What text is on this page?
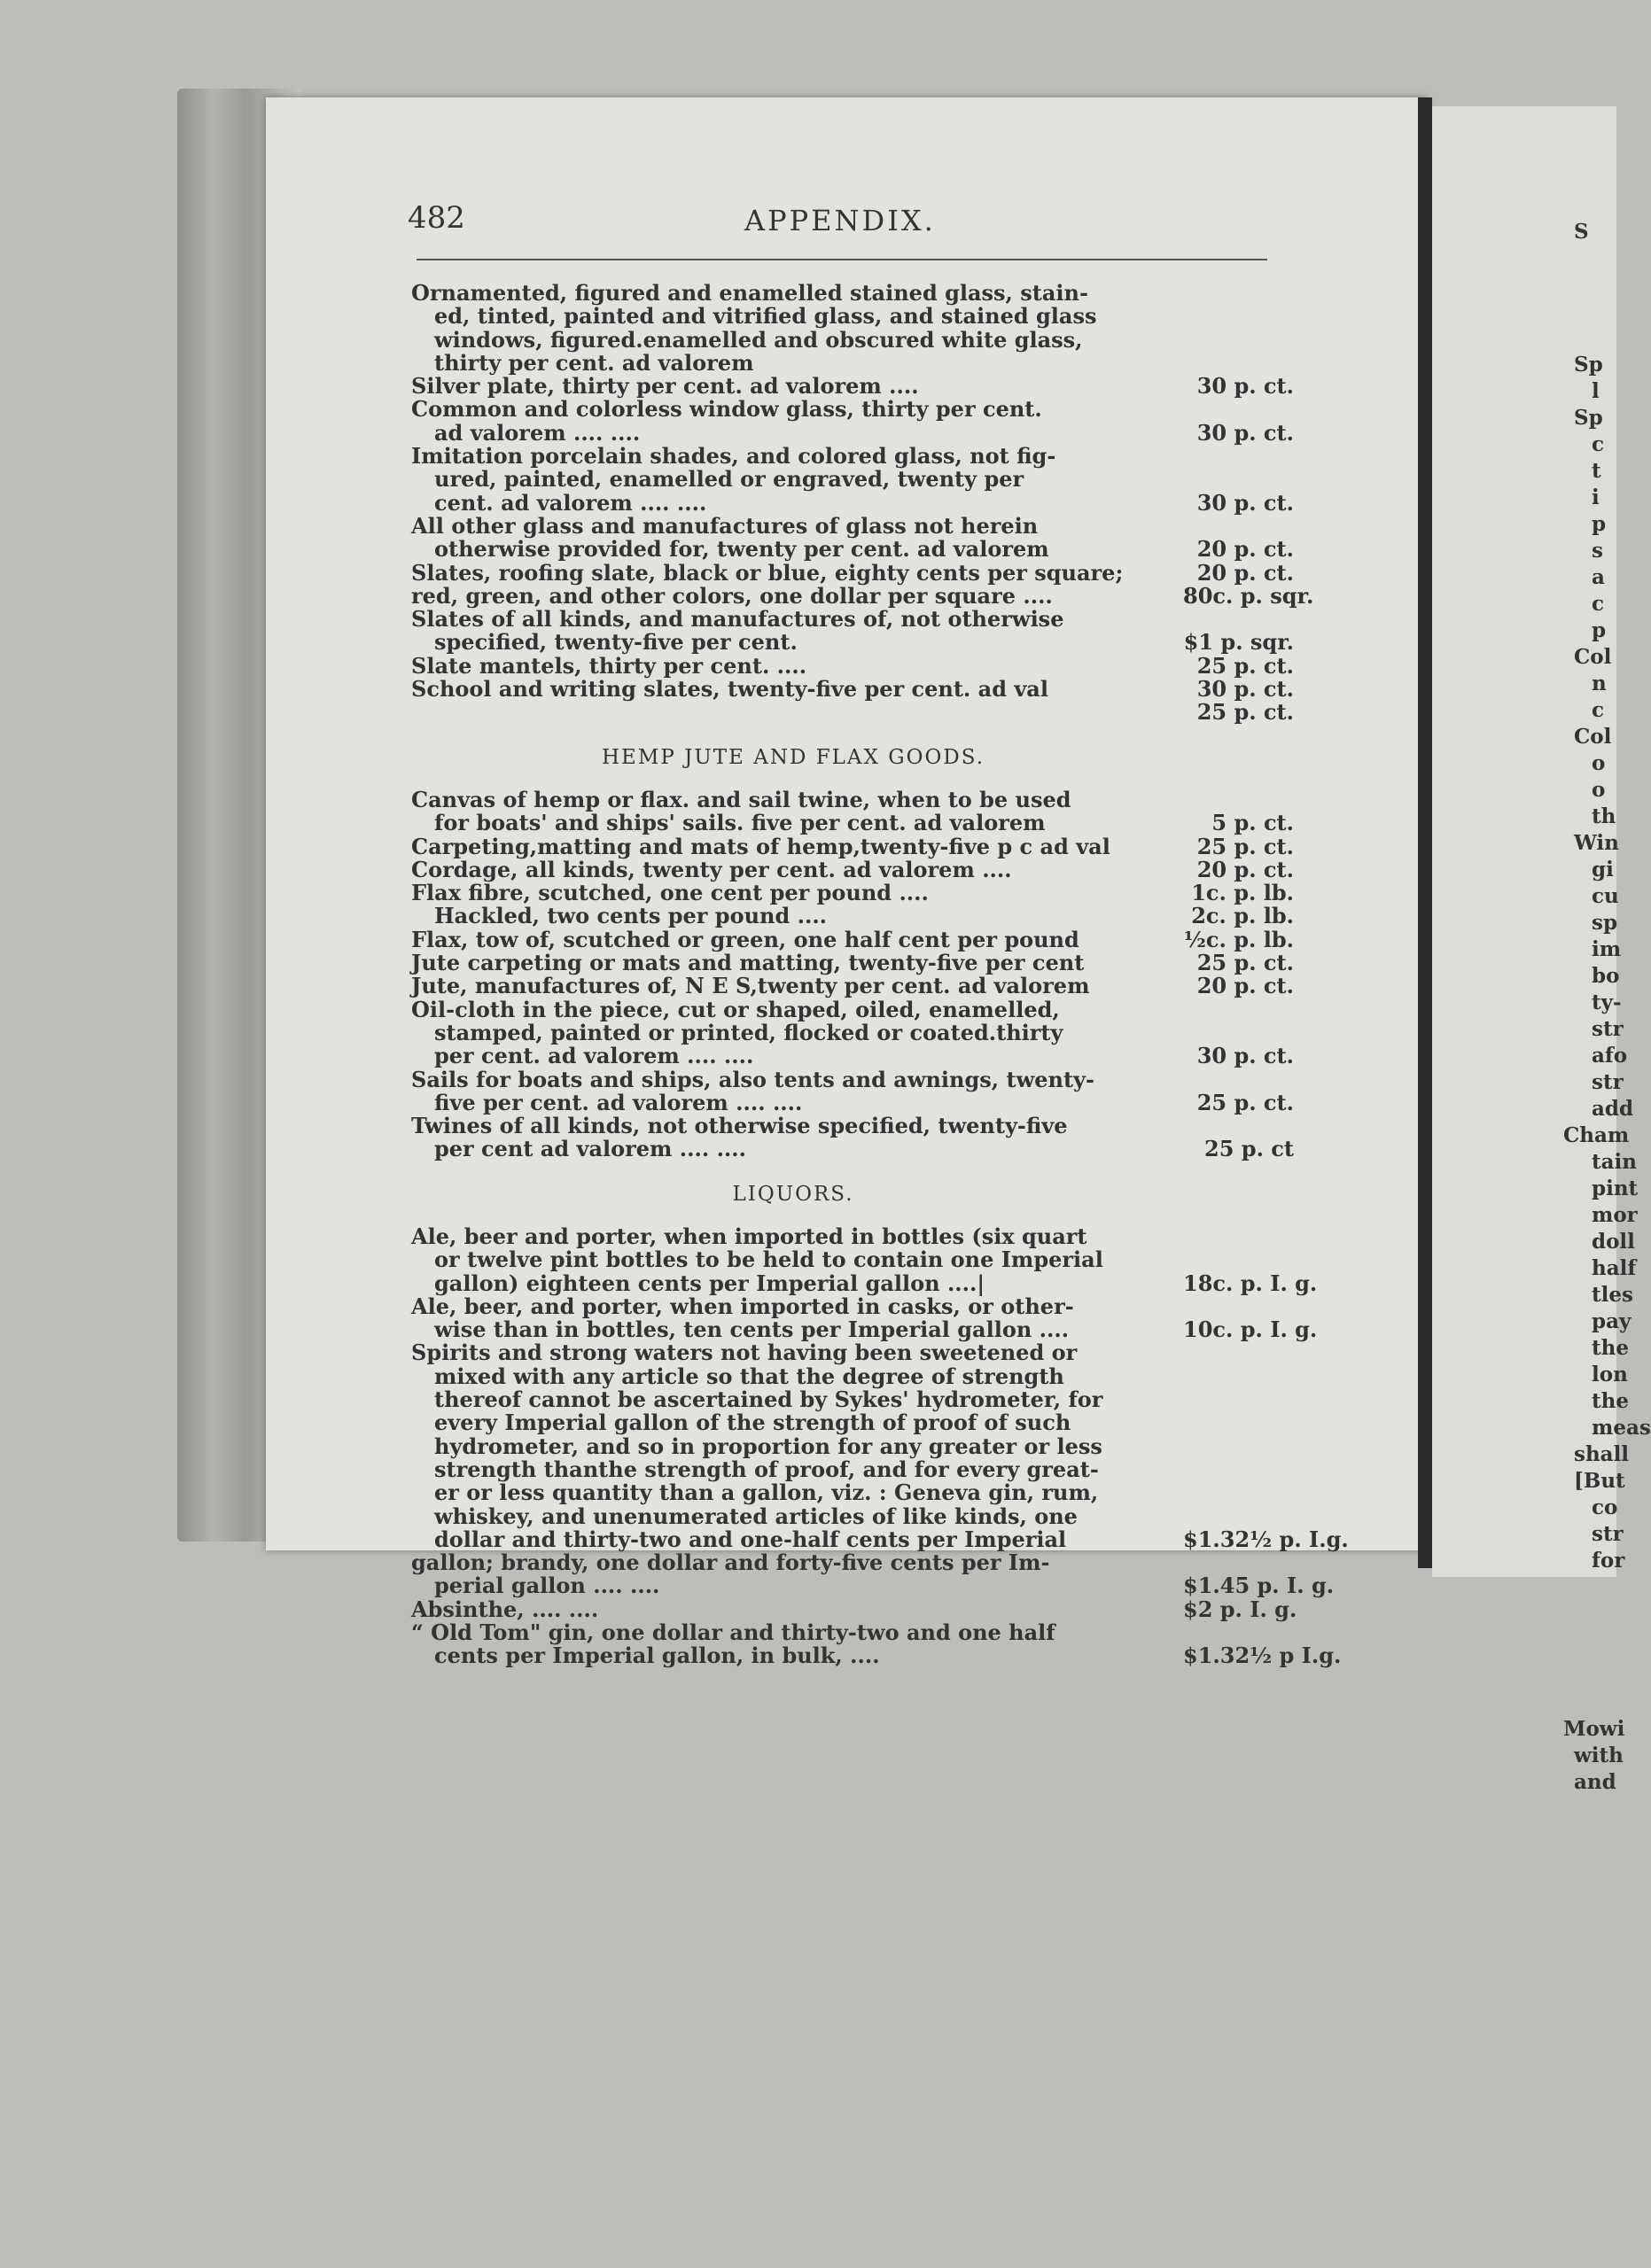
S
Sp
l
Sp
c
t
i
p
s
a
c
p
Col
n
c
Col
o
o
th
Win
gi
cu
sp
im
bo
ty-
str
afo
str
add
Cham
tain
pint
mor
doll
half
tles
pay
the
lon
the
meas
shall
[But
co
str
for
Mowi
with
and
482	APPENDIX.
Ornamented, figured and enamelled stained glass, stain-
ed, tinted, painted and vitrified glass, and stained glass
windows, figured.enamelled and obscured white glass,
thirty per cent. ad valorem
Silver plate, thirty per cent. ad valorem ....	30 p. ct.
Common and colorless window glass, thirty per cent.
ad valorem .... ....	30 p. ct.
Imitation porcelain shades, and colored glass, not fig-
ured, painted, enamelled or engraved, twenty per
cent. ad valorem .... ....	30 p. ct.
All other glass and manufactures of glass not herein
otherwise provided for, twenty per cent. ad valorem	20 p. ct.
Slates, roofing slate, black or blue, eighty cents per square;	20 p. ct.
red, green, and other colors, one dollar per square ....	80c. p. sqr.
Slates of all kinds, and manufactures of, not otherwise
specified, twenty-five per cent.	$1 p. sqr.
Slate mantels, thirty per cent. ....	25 p. ct.
School and writing slates, twenty-five per cent. ad val	30 p. ct.

25 p. ct.
HEMP JUTE AND FLAX GOODS.
Canvas of hemp or flax. and sail twine, when to be used
for boats' and ships' sails. five per cent. ad valorem	5 p. ct.
Carpeting,matting and mats of hemp,twenty-five p c ad val	25 p. ct.
Cordage, all kinds, twenty per cent. ad valorem ....	20 p. ct.
Flax fibre, scutched, one cent per pound ....	1c. p. lb.
Hackled, two cents per pound ....	2c. p. lb.
Flax, tow of, scutched or green, one half cent per pound	½c. p. lb.
Jute carpeting or mats and matting, twenty-five per cent	25 p. ct.
Jute, manufactures of, N E S,twenty per cent. ad valorem	20 p. ct.
Oil-cloth in the piece, cut or shaped, oiled, enamelled,
stamped, painted or printed, flocked or coated.thirty
per cent. ad valorem .... ....	30 p. ct.
Sails for boats and ships, also tents and awnings, twenty-
five per cent. ad valorem .... ....	25 p. ct.
Twines of all kinds, not otherwise specified, twenty-five
per cent ad valorem .... ....	25 p. ct
LIQUORS.
Ale, beer and porter, when imported in bottles (six quart
or twelve pint bottles to be held to contain one Imperial
gallon) eighteen cents per Imperial gallon ....|	18c. p. I. g.
Ale, beer, and porter, when imported in casks, or other-
wise than in bottles, ten cents per Imperial gallon ....	10c. p. I. g.
Spirits and strong waters not having been sweetened or
mixed with any article so that the degree of strength
thereof cannot be ascertained by Sykes' hydrometer, for
every Imperial gallon of the strength of proof of such
hydrometer, and so in proportion for any greater or less
strength thanthe strength of proof, and for every great-
er or less quantity than a gallon, viz. : Geneva gin, rum,
whiskey, and unenumerated articles of like kinds, one
dollar and thirty-two and one-half cents per Imperial	$1.32½ p. I.g.
gallon; brandy, one dollar and forty-five cents per Im-
perial gallon .... ....	$1.45 p. I. g.
Absinthe, .... ....	$2 p. I. g.
“ Old Tom" gin, one dollar and thirty-two and one half
cents per Imperial gallon, in bulk, ....	$1.32½ p I.g.
